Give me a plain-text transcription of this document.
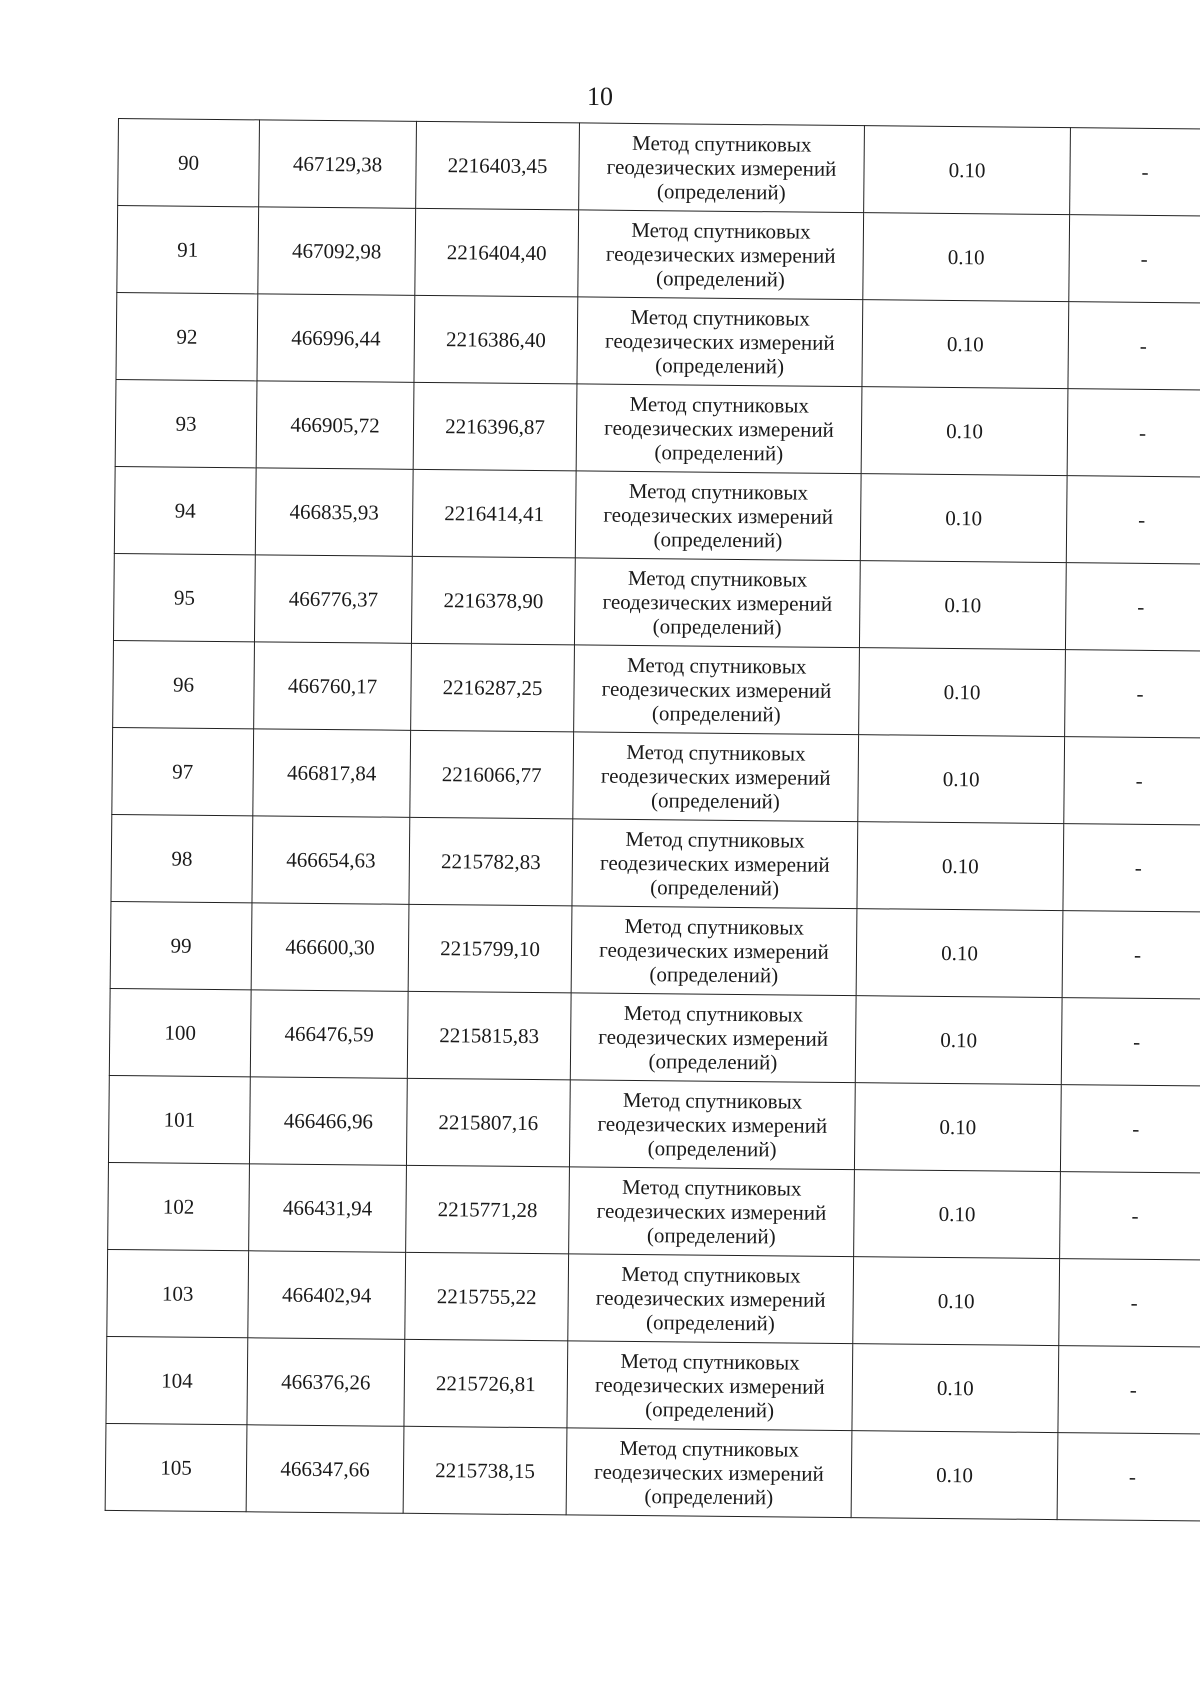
10
90	467129,38	2216403,45	Метод спутниковых
геодезических измерений
(определений)	0.10	-
91	467092,98	2216404,40	Метод спутниковых
геодезических измерений
(определений)	0.10	-
92	466996,44	2216386,40	Метод спутниковых
геодезических измерений
(определений)	0.10	-
93	466905,72	2216396,87	Метод спутниковых
геодезических измерений
(определений)	0.10	-
94	466835,93	2216414,41	Метод спутниковых
геодезических измерений
(определений)	0.10	-
95	466776,37	2216378,90	Метод спутниковых
геодезических измерений
(определений)	0.10	-
96	466760,17	2216287,25	Метод спутниковых
геодезических измерений
(определений)	0.10	-
97	466817,84	2216066,77	Метод спутниковых
геодезических измерений
(определений)	0.10	-
98	466654,63	2215782,83	Метод спутниковых
геодезических измерений
(определений)	0.10	-
99	466600,30	2215799,10	Метод спутниковых
геодезических измерений
(определений)	0.10	-
100	466476,59	2215815,83	Метод спутниковых
геодезических измерений
(определений)	0.10	-
101	466466,96	2215807,16	Метод спутниковых
геодезических измерений
(определений)	0.10	-
102	466431,94	2215771,28	Метод спутниковых
геодезических измерений
(определений)	0.10	-
103	466402,94	2215755,22	Метод спутниковых
геодезических измерений
(определений)	0.10	-
104	466376,26	2215726,81	Метод спутниковых
геодезических измерений
(определений)	0.10	-
105	466347,66	2215738,15	Метод спутниковых
геодезических измерений
(определений)	0.10	-
